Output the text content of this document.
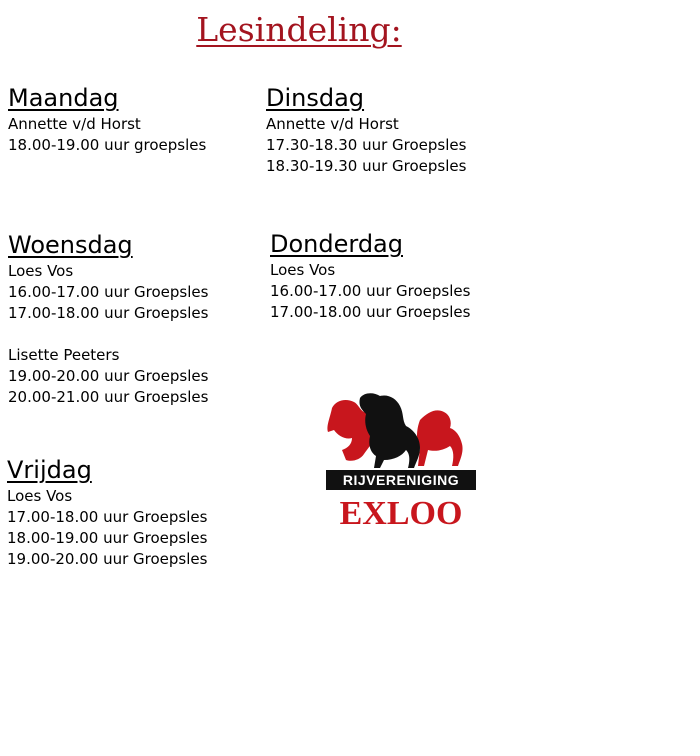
Lesindeling:
Maandag
Annette v/d Horst
18.00-19.00 uur groepsles
Dinsdag
Annette v/d Horst
17.30-18.30 uur Groepsles
18.30-19.30 uur Groepsles
Woensdag
Loes Vos
16.00-17.00 uur Groepsles
17.00-18.00 uur Groepsles
Lisette Peeters
19.00-20.00 uur Groepsles
20.00-21.00 uur Groepsles
Donderdag
Loes Vos
16.00-17.00 uur Groepsles
17.00-18.00 uur Groepsles
Vrijdag
Loes Vos
17.00-18.00 uur Groepsles
18.00-19.00 uur Groepsles
19.00-20.00 uur Groepsles
RIJVERENIGING
EXLOO
